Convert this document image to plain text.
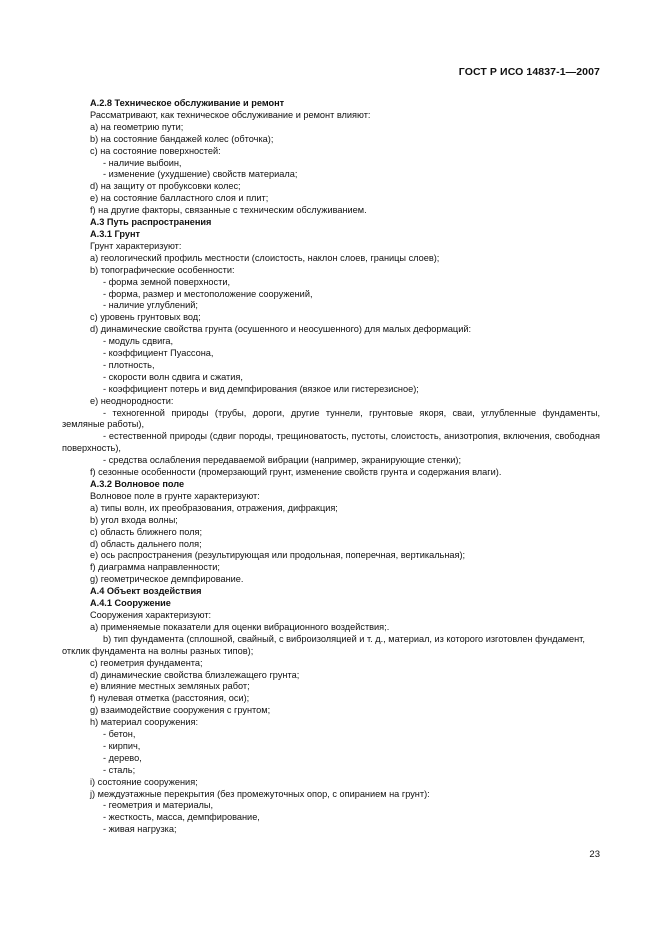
ГОСТ Р ИСО 14837-1—2007

А.2.8 Техническое обслуживание и ремонт

Рассматривают, как техническое обслуживание и ремонт влияют:

а) на геометрию пути;

b) на состояние бандажей колес (обточка);

с) на состояние поверхностей:

- наличие выбоин,

- изменение (ухудшение) свойств материала;

d) на защиту от пробуксовки колес;

е) на состояние балластного слоя и плит;

f) на другие факторы, связанные с техническим обслуживанием.

А.3 Путь распространения

А.3.1 Грунт

Грунт характеризуют:

а) геологический профиль местности (слоистость, наклон слоев, границы слоев);

b) топографические особенности:

- форма земной поверхности,

- форма, размер и местоположение сооружений,

- наличие углублений;

с) уровень грунтовых вод;

d) динамические свойства грунта (осушенного и неосушенного) для малых деформаций:

- модуль сдвига,

- коэффициент Пуассона,

- плотность,

- скорости волн сдвига и сжатия,

- коэффициент потерь и вид демпфирования (вязкое или гистерезисное);

е) неоднородности:

- техногенной природы (трубы, дороги, другие туннели, грунтовые якоря, сваи, углубленные фундаменты, земляные работы),

- естественной природы (сдвиг породы, трещиноватость, пустоты, слоистость, анизотропия, включения, свободная поверхность),

- средства ослабления передаваемой вибрации (например, экранирующие стенки);

f) сезонные особенности (промерзающий грунт, изменение свойств грунта и содержания влаги).

А.3.2 Волновое поле

Волновое поле в грунте характеризуют:

а) типы волн, их преобразования, отражения, дифракция;

b) угол входа волны;

с) область ближнего поля;

d) область дальнего поля;

е) ось распространения (результирующая или продольная, поперечная, вертикальная);

f) диаграмма направленности;

g) геометрическое демпфирование.

А.4 Объект воздействия

А.4.1 Сооружение

Сооружения характеризуют:

а) применяемые показатели для оценки вибрационного воздействия;.

b) тип фундамента (сплошной, свайный, с виброизоляцией и т. д., материал, из которого изготовлен фундамент, отклик фундамента на волны разных типов);

с) геометрия фундамента;

d) динамические свойства близлежащего грунта;

е) влияние местных земляных работ;

f) нулевая отметка (расстояния, оси);

g) взаимодействие сооружения с грунтом;

h) материал сооружения:

- бетон,

- кирпич,

- дерево,

- сталь;

i) состояние сооружения;

j) междуэтажные перекрытия (без промежуточных опор, с опиранием на грунт):

- геометрия и материалы,

- жесткость, масса, демпфирование,

- живая нагрузка;

23
